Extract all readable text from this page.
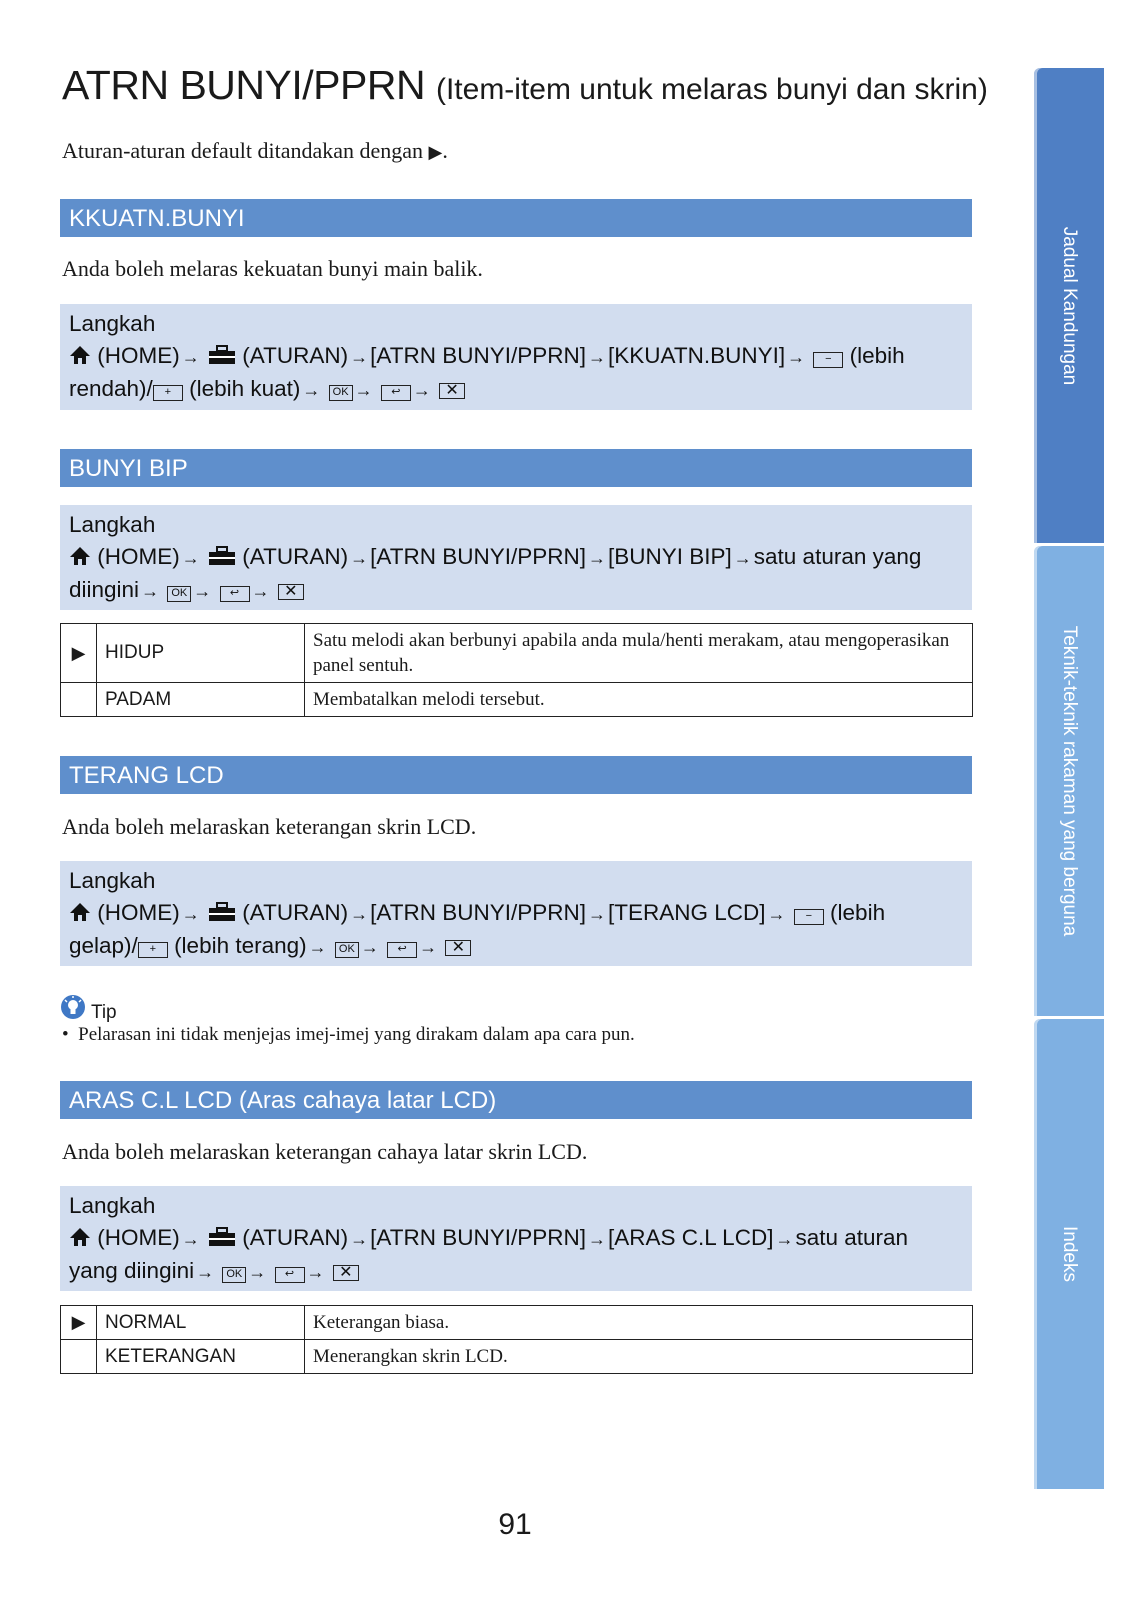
ATRN BUNYI/PPRN (Item-item untuk melaras bunyi dan skrin)
Aturan-aturan default ditandakan dengan ▶.
KKUATN.BUNYI
Anda boleh melaras kekuatan bunyi main balik.
Langkah
(HOME) → (ATURAN) →[ATRN BUNYI/PPRN] →[KKUATN.BUNYI] → − (lebih
rendah)/ + (lebih kuat) → OK → ↩ → ✕
BUNYI BIP
Langkah
(HOME) → (ATURAN) →[ATRN BUNYI/PPRN] →[BUNYI BIP] →satu aturan yang
diingini → OK → ↩ → ✕
▶	HIDUP	Satu melodi akan berbunyi apabila anda mula/henti merakam, atau mengoperasikan panel sentuh.
	PADAM	Membatalkan melodi tersebut.
TERANG LCD
Anda boleh melaraskan keterangan skrin LCD.
Langkah
(HOME) → (ATURAN) →[ATRN BUNYI/PPRN] →[TERANG LCD] → − (lebih
gelap)/ + (lebih terang) → OK → ↩ → ✕
Tip
•  Pelarasan ini tidak menjejas imej-imej yang dirakam dalam apa cara pun.
ARAS C.L LCD (Aras cahaya latar LCD)
Anda boleh melaraskan keterangan cahaya latar skrin LCD.
Langkah
(HOME) → (ATURAN) →[ATRN BUNYI/PPRN] →[ARAS C.L LCD] →satu aturan
yang diingini → OK → ↩ → ✕
▶	NORMAL	Keterangan biasa.
	KETERANGAN	Menerangkan skrin LCD.
Jadual Kandungan
Teknik-teknik rakaman yang berguna
Indeks
91
